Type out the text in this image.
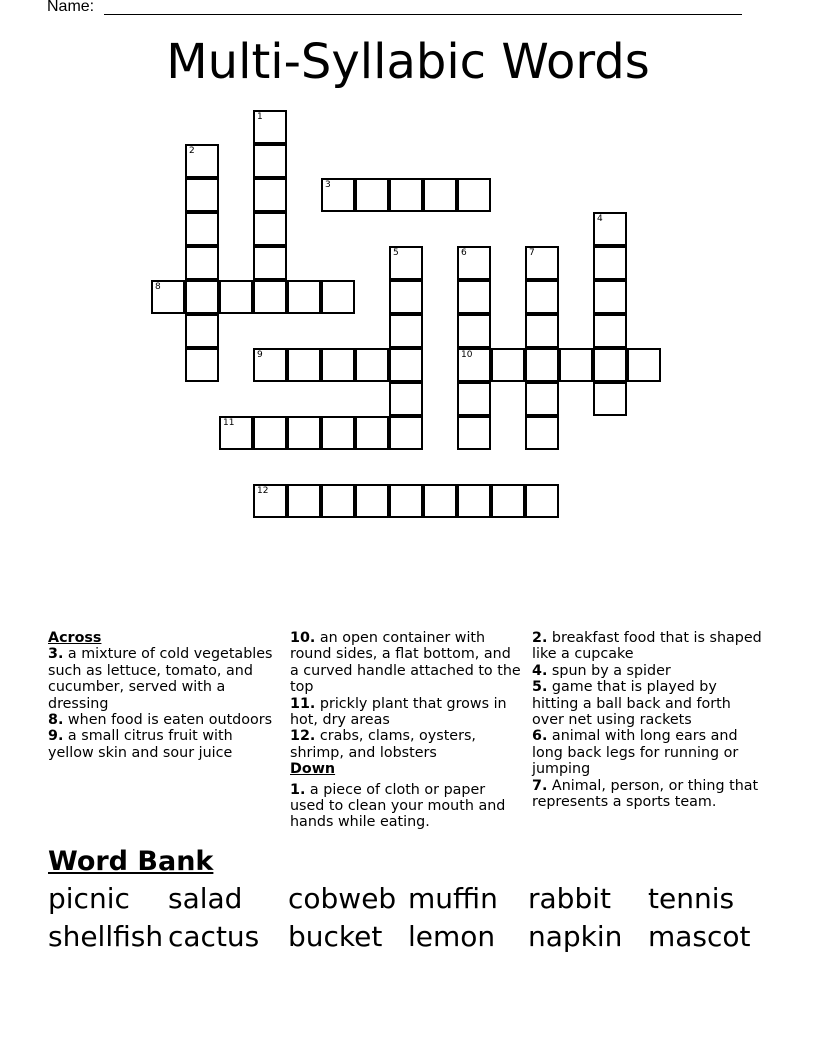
Name:
Multi-Syllabic Words
1
2
3
4
5	6
10
7
8
9
11
12

Across

3. a mixture of cold vegetables such as lettuce, tomato, and cucumber, served with a dressing

8. when food is eaten outdoors

9. a small citrus fruit with yellow skin and sour juice

10. an open container with round sides, a flat bottom, and a curved handle attached to the top

11. prickly plant that grows in hot, dry areas

12. crabs, clams, oysters, shrimp, and lobsters

Down

1. a piece of cloth or paper used to clean your mouth and hands while eating.

2. breakfast food that is shaped like a cupcake

4. spun by a spider

5. game that is played by hitting a ball back and forth over net using rackets

6. animal with long ears and long back legs for running or jumping

7. Animal, person, or thing that represents a sports team.

Word Bank
picnic salad cobweb muffin rabbit tennis
shellfish cactus bucket lemon napkin mascot
